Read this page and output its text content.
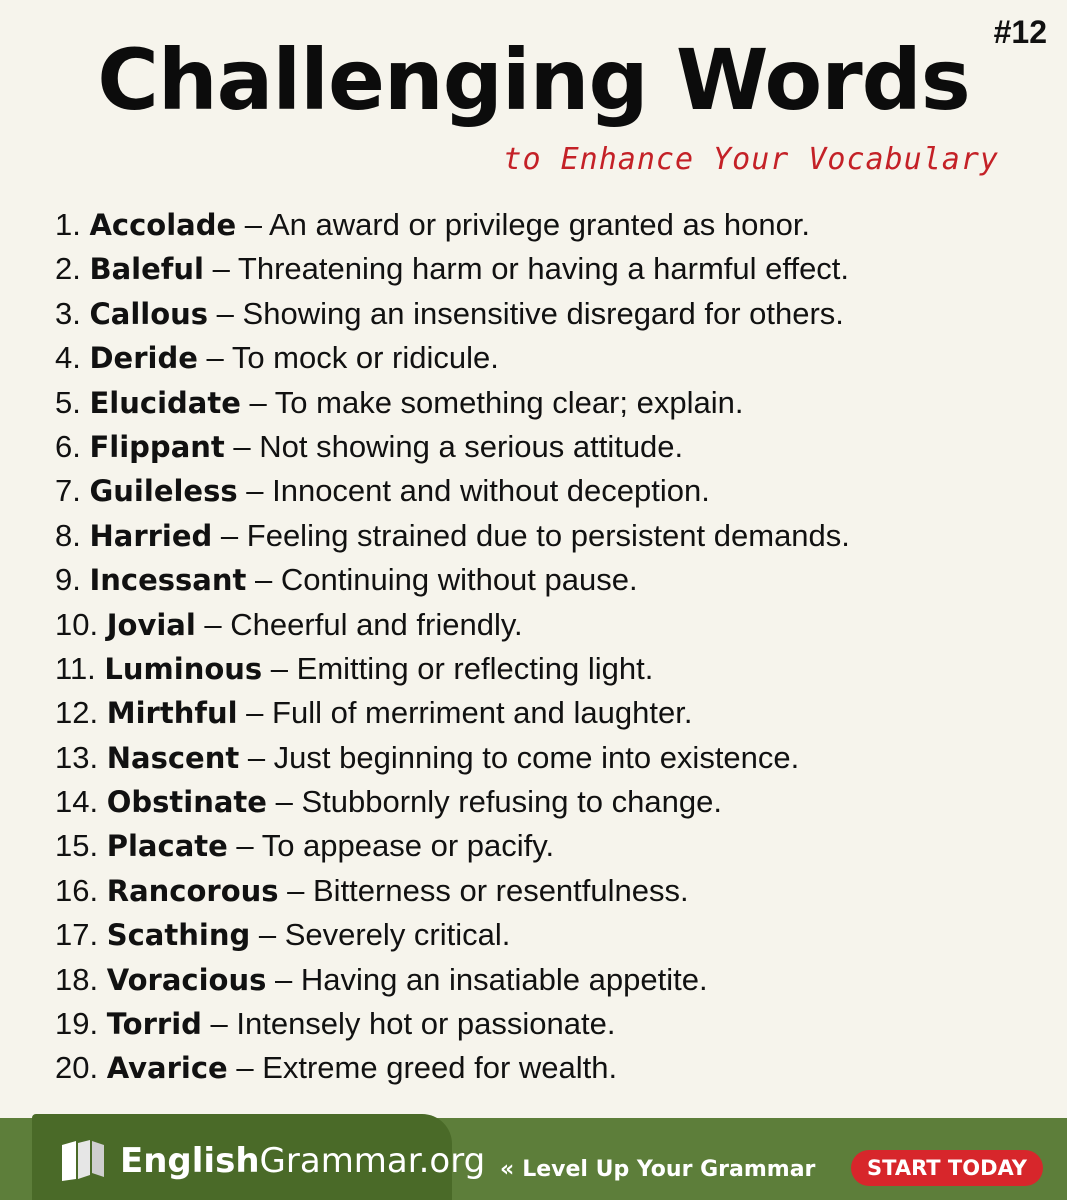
#12
Challenging Words
to Enhance Your Vocabulary
1. Accolade – An award or privilege granted as honor.
2. Baleful – Threatening harm or having a harmful effect.
3. Callous – Showing an insensitive disregard for others.
4. Deride – To mock or ridicule.
5. Elucidate – To make something clear; explain.
6. Flippant – Not showing a serious attitude.
7. Guileless – Innocent and without deception.
8. Harried – Feeling strained due to persistent demands.
9. Incessant – Continuing without pause.
10. Jovial – Cheerful and friendly.
11. Luminous – Emitting or reflecting light.
12. Mirthful – Full of merriment and laughter.
13. Nascent – Just beginning to come into existence.
14. Obstinate – Stubbornly refusing to change.
15. Placate – To appease or pacify.
16. Rancorous – Bitterness or resentfulness.
17. Scathing – Severely critical.
18. Voracious – Having an insatiable appetite.
19. Torrid – Intensely hot or passionate.
20. Avarice – Extreme greed for wealth.
EnglishGrammar.org « Level Up Your Grammar	START TODAY
